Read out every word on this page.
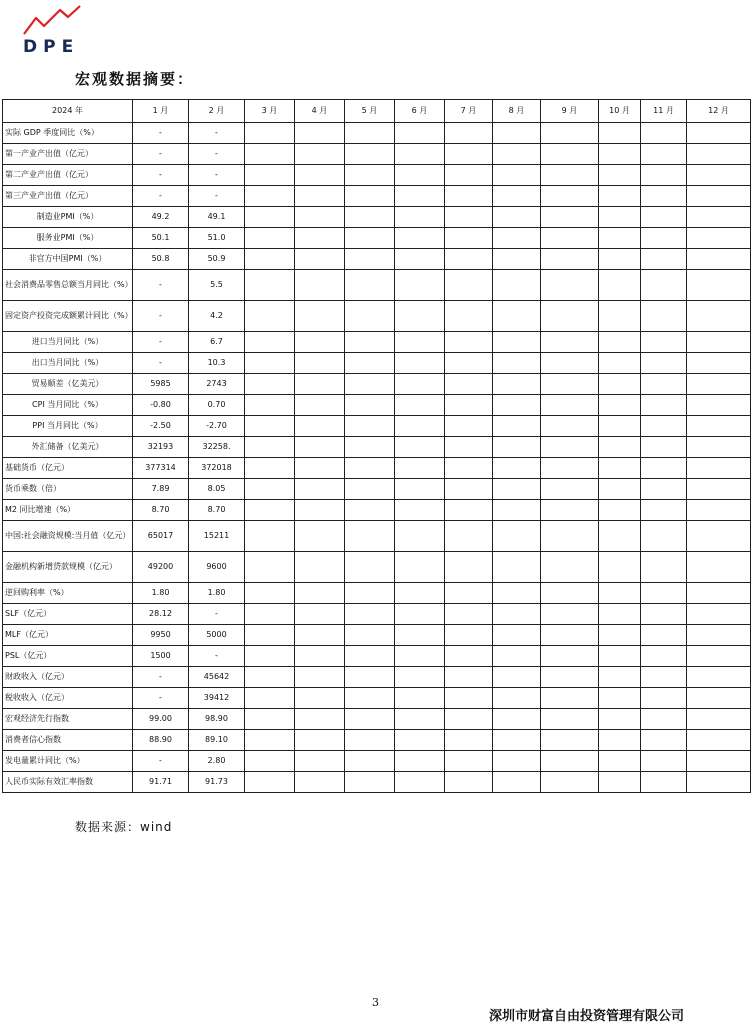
DPE
宏观数据摘要：
2024 年	1 月	2 月	3 月	4 月	5 月	6 月	7 月	8 月	9 月	10 月	11 月	12 月
实际 GDP 季度同比（%）	-	-										
第一产业产出值（亿元）	-	-										
第二产业产出值（亿元）	-	-										
第三产业产出值（亿元）	-	-										
制造业PMI（%）	49.2	49.1										
服务业PMI（%）	50.1	51.0										
非官方中国PMI（%）	50.8	50.9										
社会消费品零售总额当月同比（%）	-	5.5										
固定资产投资完成额累计同比（%）	-	4.2										
进口当月同比（%）	-	6.7										
出口当月同比（%）	-	10.3										
贸易顺差（亿美元）	5985	2743										
CPI 当月同比（%）	-0.80	0.70										
PPI 当月同比（%）	-2.50	-2.70										
外汇储备（亿美元）	32193	32258.										
基础货币（亿元）	377314	372018										
货币乘数（倍）	7.89	8.05										
M2 同比增速（%）	8.70	8.70										
中国:社会融资规模:当月值（亿元）	65017	15211										
金融机构新增贷款规模（亿元）	49200	9600										
逆回购利率（%）	1.80	1.80										
SLF（亿元）	28.12	-										
MLF（亿元）	9950	5000										
PSL（亿元）	1500	-										
财政收入（亿元）	-	45642										
税收收入（亿元）	-	39412										
宏观经济先行指数	99.00	98.90										
消费者信心指数	88.90	89.10										
发电量累计同比（%）	-	2.80										
人民币实际有效汇率指数	91.71	91.73										
数据来源：wind
3
深圳市财富自由投资管理有限公司
